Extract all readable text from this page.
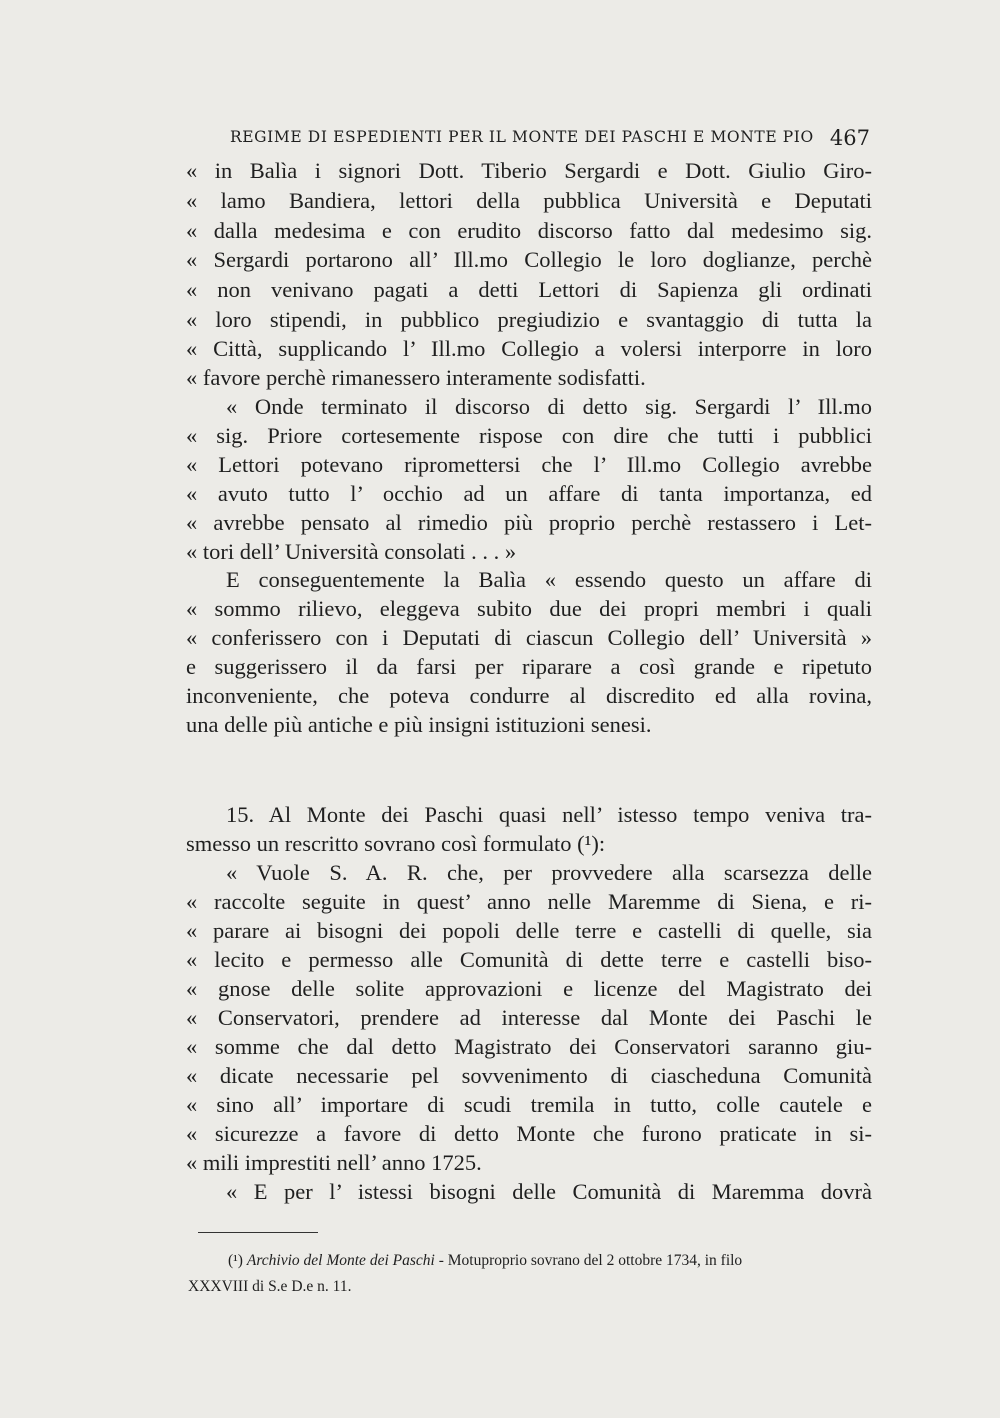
REGIME DI ESPEDIENTI PER IL MONTE DEI PASCHI E MONTE PIO 467
« in Balìa i signori Dott. Tiberio Sergardi e Dott. Giulio Giro-
« lamo Bandiera, lettori della pubblica Università e Deputati
« dalla medesima e con erudito discorso fatto dal medesimo sig.
« Sergardi portarono all’ Ill.mo Collegio le loro doglianze, perchè
« non venivano pagati a detti Lettori di Sapienza gli ordinati
« loro stipendi, in pubblico pregiudizio e svantaggio di tutta la
« Città, supplicando l’ Ill.mo Collegio a volersi interporre in loro
« favore perchè rimanessero interamente sodisfatti.
« Onde terminato il discorso di detto sig. Sergardi l’ Ill.mo
« sig. Priore cortesemente rispose con dire che tutti i pubblici
« Lettori potevano ripromettersi che l’ Ill.mo Collegio avrebbe
« avuto tutto l’ occhio ad un affare di tanta importanza, ed
« avrebbe pensato al rimedio più proprio perchè restassero i Let-
« tori dell’ Università consolati . . . »
E conseguentemente la Balìa « essendo questo un affare di
« sommo rilievo, eleggeva subito due dei propri membri i quali
« conferissero con i Deputati di ciascun Collegio dell’ Università »
e suggerissero il da farsi per riparare a così grande e ripetuto
inconveniente, che poteva condurre al discredito ed alla rovina,
una delle più antiche e più insigni istituzioni senesi.
15. Al Monte dei Paschi quasi nell’ istesso tempo veniva tra-
smesso un rescritto sovrano così formulato (¹):
« Vuole S. A. R. che, per provvedere alla scarsezza delle
« raccolte seguite in quest’ anno nelle Maremme di Siena, e ri-
« parare ai bisogni dei popoli delle terre e castelli di quelle, sia
« lecito e permesso alle Comunità di dette terre e castelli biso-
« gnose delle solite approvazioni e licenze del Magistrato dei
« Conservatori, prendere ad interesse dal Monte dei Paschi le
« somme che dal detto Magistrato dei Conservatori saranno giu-
« dicate necessarie pel sovvenimento di ciascheduna Comunità
« sino all’ importare di scudi tremila in tutto, colle cautele e
« sicurezze a favore di detto Monte che furono praticate in si-
« mili imprestiti nell’ anno 1725.
« E per l’ istessi bisogni delle Comunità di Maremma dovrà
(¹) Archivio del Monte dei Paschi - Motuproprio sovrano del 2 ottobre 1734, in filo
XXXVIII di S.e D.e n. 11.
